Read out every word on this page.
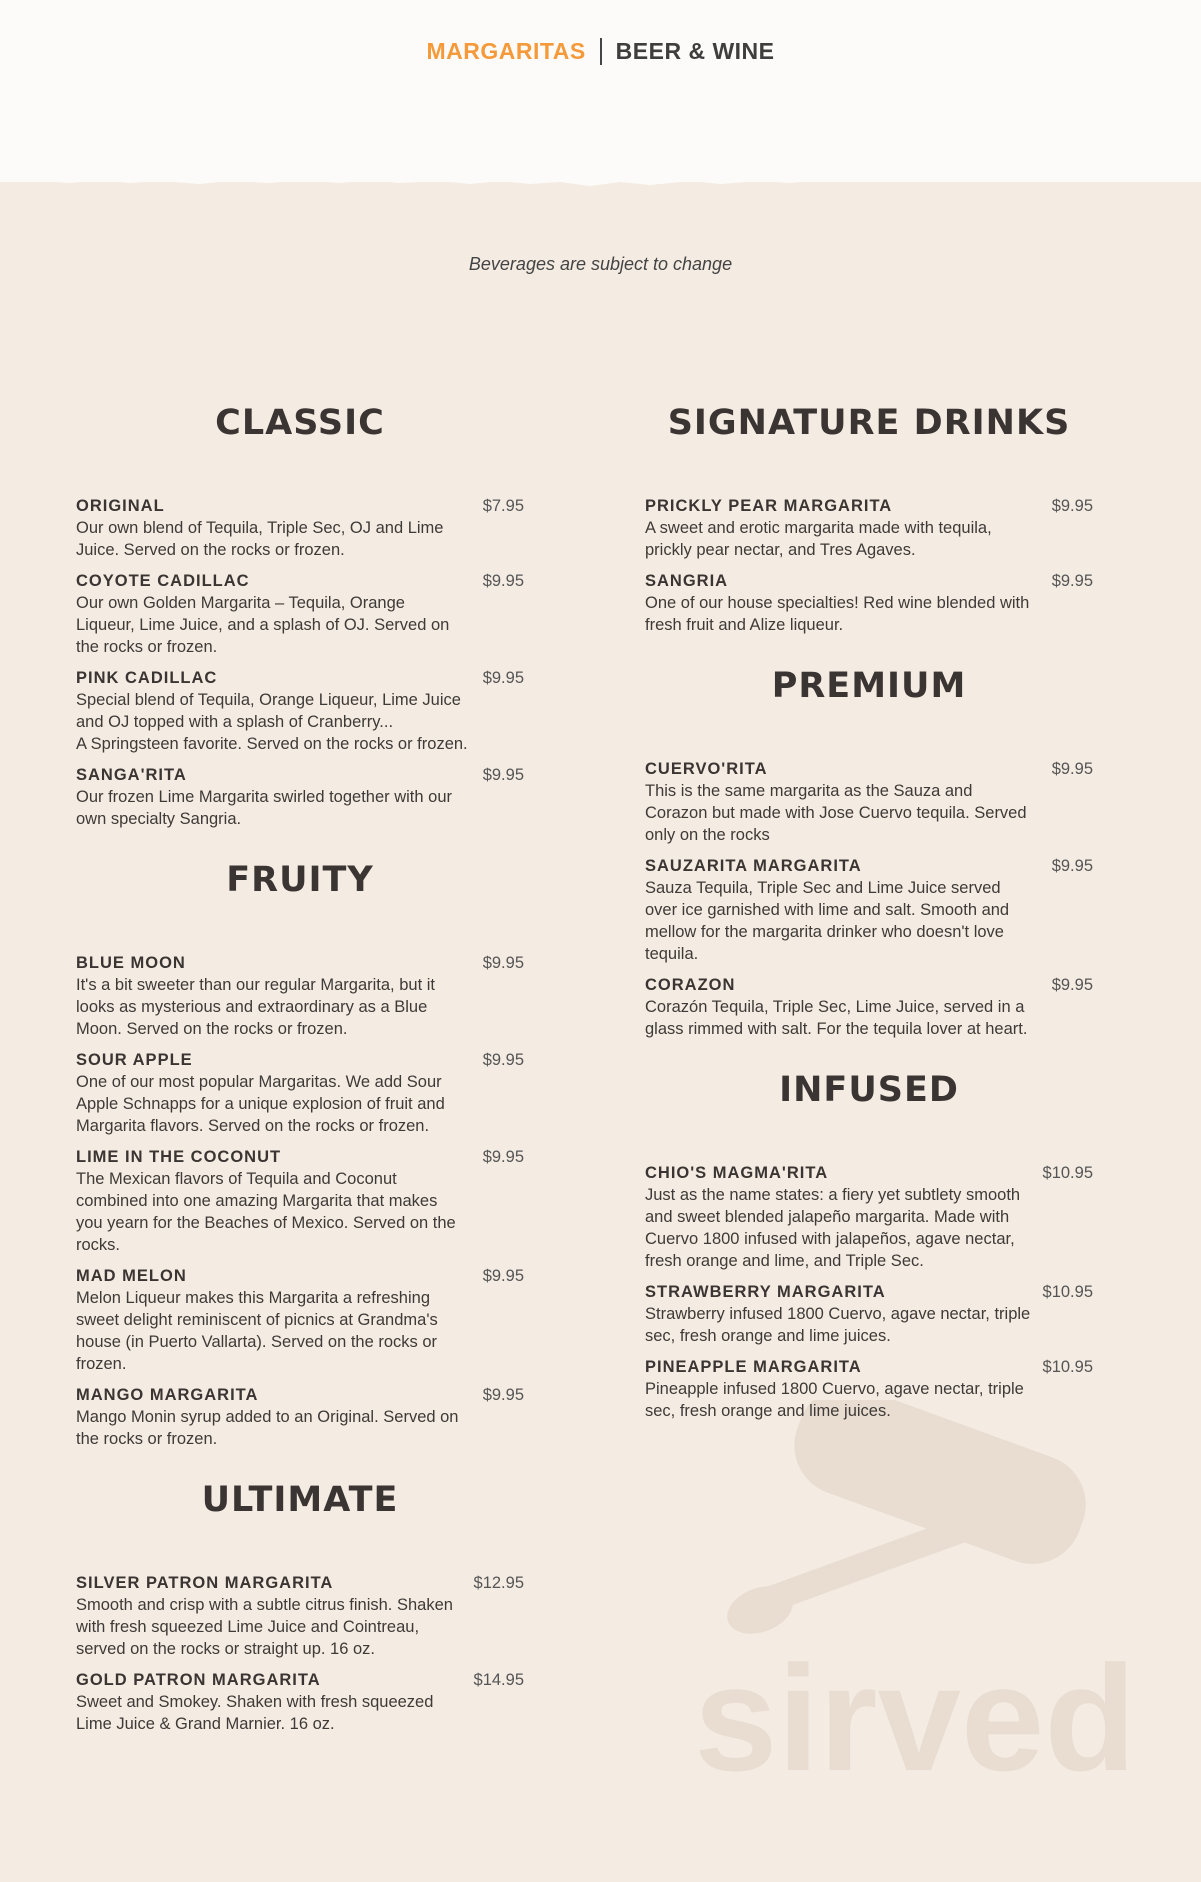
MARGARITAS BEER & WINE
Beverages are subject to change
sirved
CLASSIC
ORIGINAL	$7.95
Our own blend of Tequila, Triple Sec, OJ and Lime Juice. Served on the rocks or frozen.
COYOTE CADILLAC	$9.95
Our own Golden Margarita – Tequila, Orange Liqueur, Lime Juice, and a splash of OJ. Served on the rocks or frozen.
PINK CADILLAC	$9.95
Special blend of Tequila, Orange Liqueur, Lime Juice and OJ topped with a splash of Cranberry...
A Springsteen favorite. Served on the rocks or frozen.
SANGA'RITA	$9.95
Our frozen Lime Margarita swirled together with our own specialty Sangria.
FRUITY
BLUE MOON	$9.95
It's a bit sweeter than our regular Margarita, but it looks as mysterious and extraordinary as a Blue Moon. Served on the rocks or frozen.
SOUR APPLE	$9.95
One of our most popular Margaritas. We add Sour Apple Schnapps for a unique explosion of fruit and Margarita flavors. Served on the rocks or frozen.
LIME IN THE COCONUT	$9.95
The Mexican flavors of Tequila and Coconut combined into one amazing Margarita that makes you yearn for the Beaches of Mexico. Served on the rocks.
MAD MELON	$9.95
Melon Liqueur makes this Margarita a refreshing sweet delight reminiscent of picnics at Grandma's house (in Puerto Vallarta). Served on the rocks or frozen.
MANGO MARGARITA	$9.95
Mango Monin syrup added to an Original. Served on the rocks or frozen.
ULTIMATE
SILVER PATRON MARGARITA	$12.95
Smooth and crisp with a subtle citrus finish. Shaken with fresh squeezed Lime Juice and Cointreau, served on the rocks or straight up. 16 oz.
GOLD PATRON MARGARITA	$14.95
Sweet and Smokey. Shaken with fresh squeezed Lime Juice & Grand Marnier. 16 oz.
SIGNATURE DRINKS
PRICKLY PEAR MARGARITA	$9.95
A sweet and erotic margarita made with tequila, prickly pear nectar, and Tres Agaves.
SANGRIA	$9.95
One of our house specialties! Red wine blended with fresh fruit and Alize liqueur.
PREMIUM
CUERVO'RITA	$9.95
This is the same margarita as the Sauza and Corazon but made with Jose Cuervo tequila. Served only on the rocks
SAUZARITA MARGARITA	$9.95
Sauza Tequila, Triple Sec and Lime Juice served over ice garnished with lime and salt. Smooth and mellow for the margarita drinker who doesn't love tequila.
CORAZON	$9.95
Corazón Tequila, Triple Sec, Lime Juice, served in a glass rimmed with salt. For the tequila lover at heart.
INFUSED
CHIO'S MAGMA'RITA	$10.95
Just as the name states: a fiery yet subtlety smooth and sweet blended jalapeño margarita. Made with Cuervo 1800 infused with jalapeños, agave nectar, fresh orange and lime, and Triple Sec.
STRAWBERRY MARGARITA	$10.95
Strawberry infused 1800 Cuervo, agave nectar, triple sec, fresh orange and lime juices.
PINEAPPLE MARGARITA	$10.95
Pineapple infused 1800 Cuervo, agave nectar, triple sec, fresh orange and lime juices.
